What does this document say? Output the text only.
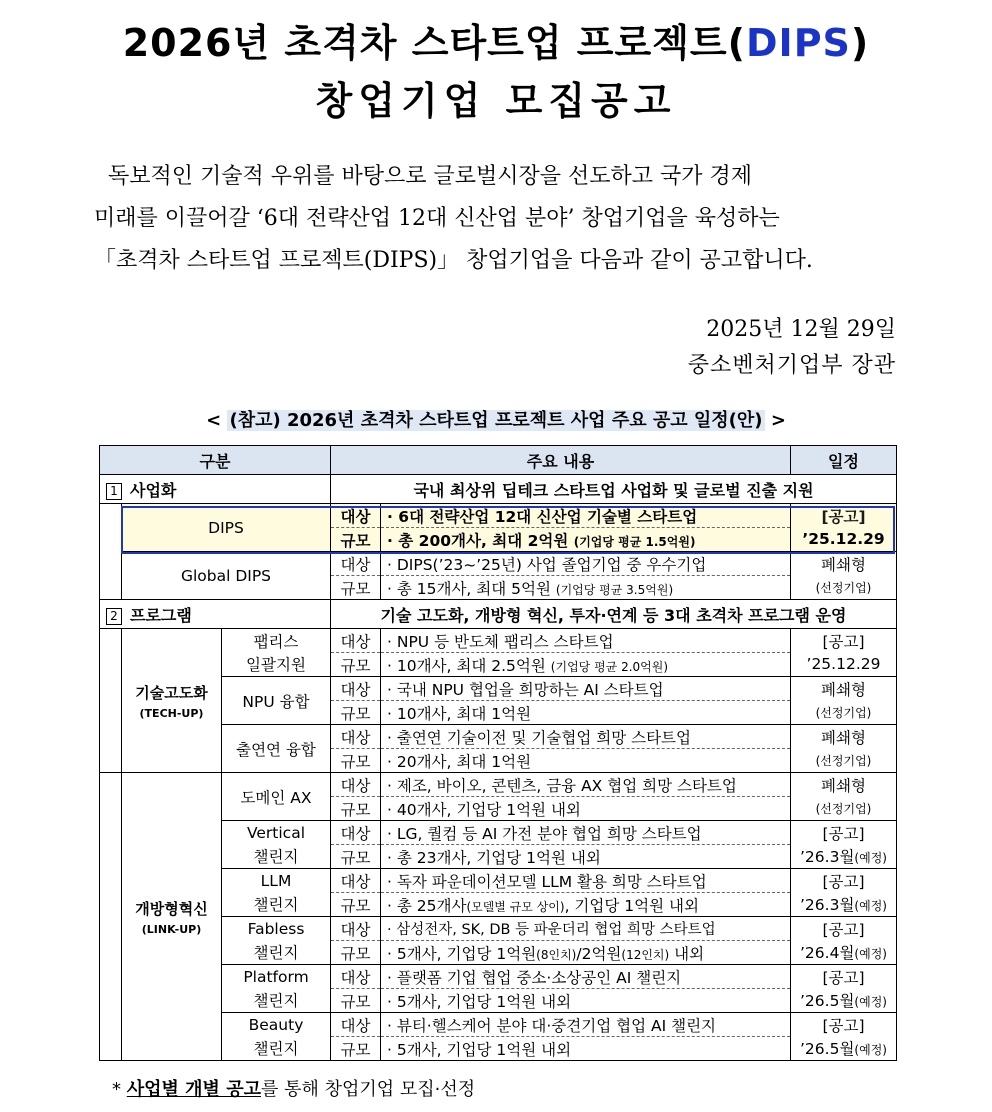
2026년 초격차 스타트업 프로젝트(DIPS)
창업기업 모집공고

독보적인 기술적 우위를 바탕으로 글로벌시장을 선도하고 국가 경제

미래를 이끌어갈 ‘6대 전략산업 12대 신산업 분야’ 창업기업을 육성하는

「초격차 스타트업 프로젝트(DIPS)」 창업기업을 다음과 같이 공고합니다.

2025년 12월 29일
중소벤처기업부 장관
< (참고) 2026년 초격차 스타트업 프로젝트 사업 주요 공고 일정(안) >
구분			주요 내용		일정
1 사업화			국내 최상위 딥테크 스타트업 사업화 및 글로벌 진출 지원		
	DIPS		대상	· 6대 전략산업 12대 신산업 기술별 스타트업	[공고]
			규모	· 총 200개사, 최대 2억원 (기업당 평균 1.5억원)	’25.12.29
	Global DIPS		대상	· DIPS(’23~’25년) 사업 졸업기업 중 우수기업	폐쇄형
			규모	· 총 15개사, 최대 5억원 (기업당 평균 3.5억원)	(선정기업)
2 프로그램			기술 고도화, 개방형 혁신, 투자·연계 등 3대 초격차 프로그램 운영		

	기술고도화
(TECH-UP)	팹리스	대상	· NPU 등 반도체 팹리스 스타트업	[공고]
		일괄지원	규모	· 10개사, 최대 2.5억원 (기업당 평균 2.0억원)	’25.12.29
		NPU 융합	대상	· 국내 NPU 협업을 희망하는 AI 스타트업	폐쇄형
			규모	· 10개사, 최대 1억원	(선정기업)
		출연연 융합	대상	· 출연연 기술이전 및 기술협업 희망 스타트업	폐쇄형
			규모	· 20개사, 최대 1억원	(선정기업)

	개방형혁신
(LINK-UP)	도메인 AX	대상	· 제조, 바이오, 콘텐츠, 금융 AX 협업 희망 스타트업	폐쇄형
			규모	· 40개사, 기업당 1억원 내외	(선정기업)
		Vertical	대상	· LG, 퀄컴 등 AI 가전 분야 협업 희망 스타트업	[공고]
		챌린지	규모	· 총 23개사, 기업당 1억원 내외	’26.3월(예정)
		LLM	대상	· 독자 파운데이션모델 LLM 활용 희망 스타트업	[공고]
		챌린지	규모	· 총 25개사(모델별 규모 상이), 기업당 1억원 내외	’26.3월(예정)
		Fabless	대상	· 삼성전자, SK, DB 등 파운더리 협업 희망 스타트업	[공고]
		챌린지	규모	· 5개사, 기업당 1억원(8인치)/2억원(12인치) 내외	’26.4월(예정)
		Platform	대상	· 플랫폼 기업 협업 중소·소상공인 AI 챌린지	[공고]
		챌린지	규모	· 5개사, 기업당 1억원 내외	’26.5월(예정)
		Beauty	대상	· 뷰티·헬스케어 분야 대·중견기업 협업 AI 챌린지	[공고]
		챌린지	규모	· 5개사, 기업당 1억원 내외	’26.5월(예정)
* 사업별 개별 공고를 통해 창업기업 모집·선정
